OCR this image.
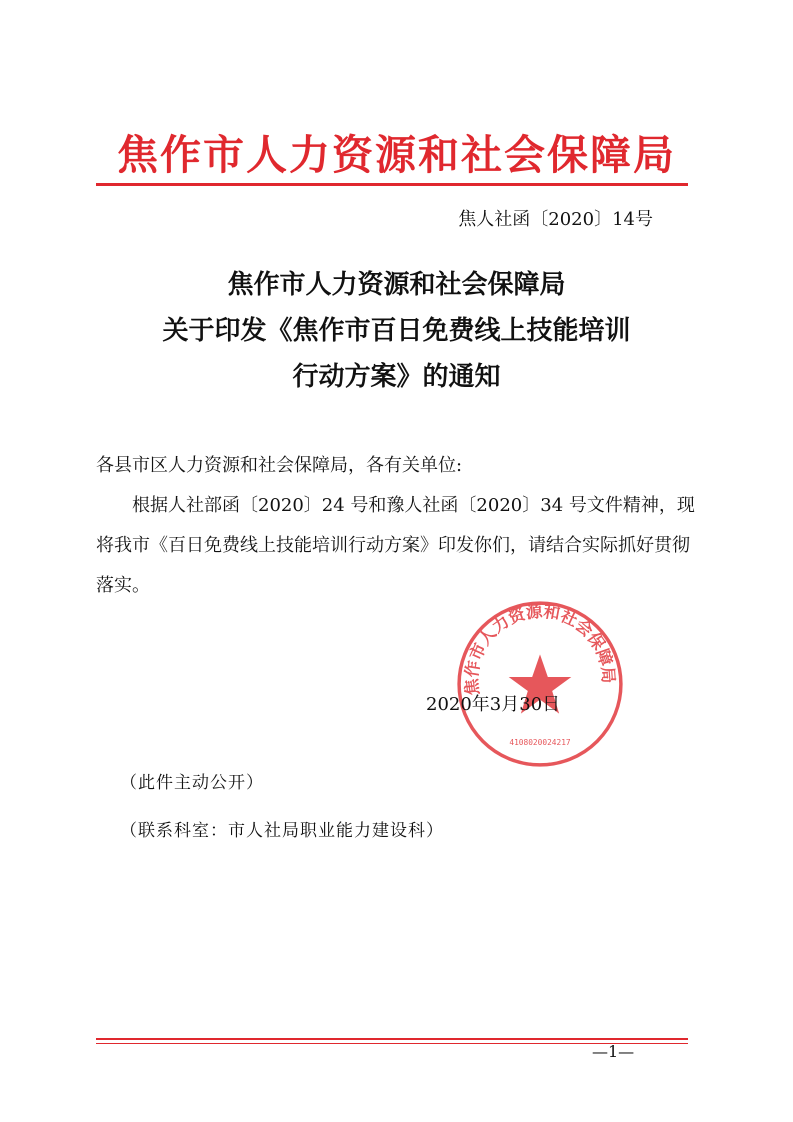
焦作市人力资源和社会保障局
焦人社函〔2020〕14号
焦作市人力资源和社会保障局
关于印发《焦作市百日免费线上技能培训
行动方案》的通知
各县市区人力资源和社会保障局，各有关单位:
根据人社部函〔2020〕24 号和豫人社函〔2020〕34 号文件精神，现将我市《百日免费线上技能培训行动方案》印发你们，请结合实际抓好贯彻落实。
焦作市人力资源和社会保障局
4108020024217
2020年3月30日
（此件主动公开）
（联系科室：市人社局职业能力建设科）
—1—
